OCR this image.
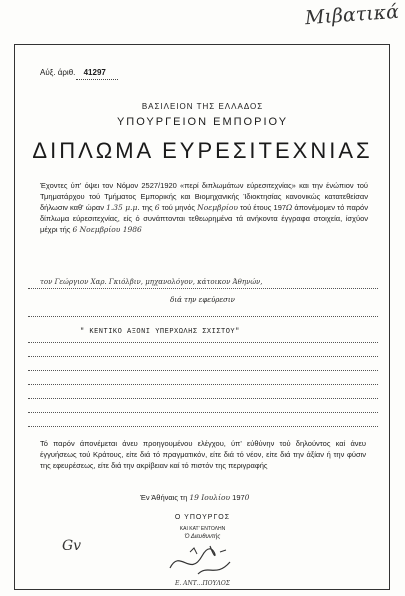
Μιβατικά
Αύξ. άριθ. 41297
ΒΑΣΙΛΕΙΟΝ ΤΗΣ ΕΛΛΑΔΟΣ
ΥΠΟΥΡΓΕΙΟΝ ΕΜΠΟΡΙΟΥ
ΔΙΠΛΩΜΑ ΕΥΡΕΣΙΤΕΧΝΙΑΣ
Έχοντες ύπ' όψει τον Νόμον 2527/1920 «περί διπλωμάτων εύρεσιτεχνίας» και την ένώπιον τού Τμηματάρχου τού Τμήματος Εμπορικής και Βιομηχανικής Ίδιοκτησίας κανονικώς κατατεθείσαν δήλωσιν καθ' ώραν 1.35 μ.μ. της 6 τού μηνός Νοεμβρίου τού έτους 197Ω άπονέμομεν τό παρόν δίπλωμα εύρεσιτεχνίας, είς ό συνάπτονται τεθεωρημένα τά ανήκοντα έγγραφα στοιχεία, ίσχύον μέχρι τής 6 Νοεμβρίου 1986
τον Γεώργιον Χαρ. Γκιόλβιν, μηχανολόγον, κάτοικον Άθηνών,
διά την εφεύρεσιν
" ΚΕΝΤΙΚΟ ΑΞΟΝΙ ΥΠΕΡΧΩΛΗΣ ΣΧΙΣΤΟΥ"
Τό παρόν άπονέμεται άνευ προηγουμένου ελέγχου, ύπ' εύθύνην τού δηλούντος καί άνευ έγγυήσεως τού Κράτους, είτε διά τό πραγματικόν, είτε διά τό νέον, είτε διά την άξίαν ή την φύσιν της εφευρέσεως, είτε διά την ακρίβειαν καί τό πιστόν της περιγραφής
Έν Άθήναις τη 19 Ιουλίου 1970
Ο ΥΠΟΥΡΓΟΣ
ΚΑΙ ΚΑΤ' ΕΝΤΟΛΗΝ
Ό Διευθυντής
Gv
Ε. ΑΝΤ...ΠΟΥΛΟΣ
